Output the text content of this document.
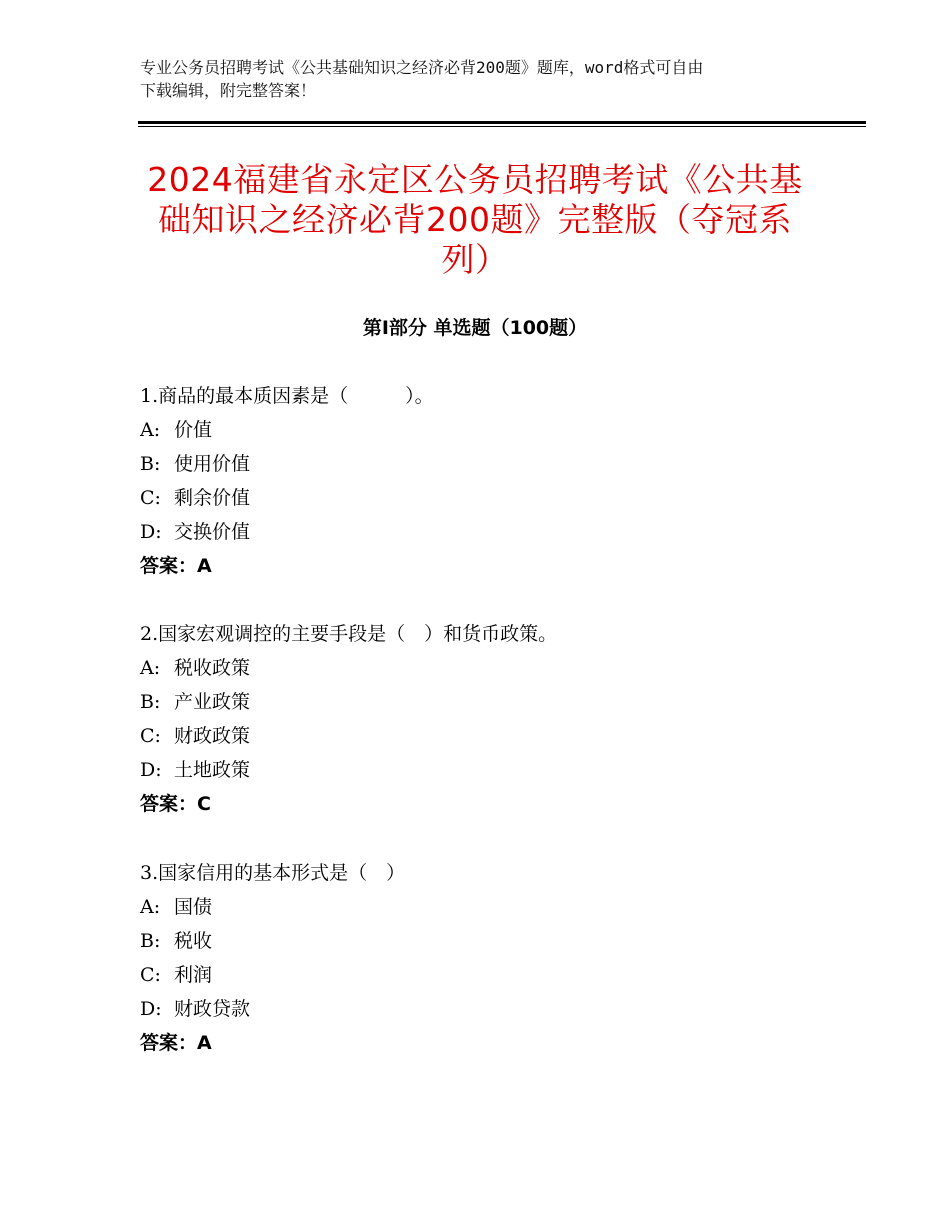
专业公务员招聘考试《公共基础知识之经济必背200题》题库，word格式可自由
下载编辑，附完整答案！
2024福建省永定区公务员招聘考试《公共基
础知识之经济必背200题》完整版（夺冠系
列）
第Ⅰ部分 单选题（100题）
1.商品的最本质因素是（　　　）。
A: 价值
B: 使用价值
C: 剩余价值
D: 交换价值
答案：A
2.国家宏观调控的主要手段是（　）和货币政策。
A: 税收政策
B: 产业政策
C: 财政政策
D: 土地政策
答案：C
3.国家信用的基本形式是（　）
A: 国债
B: 税收
C: 利润
D: 财政贷款
答案：A
